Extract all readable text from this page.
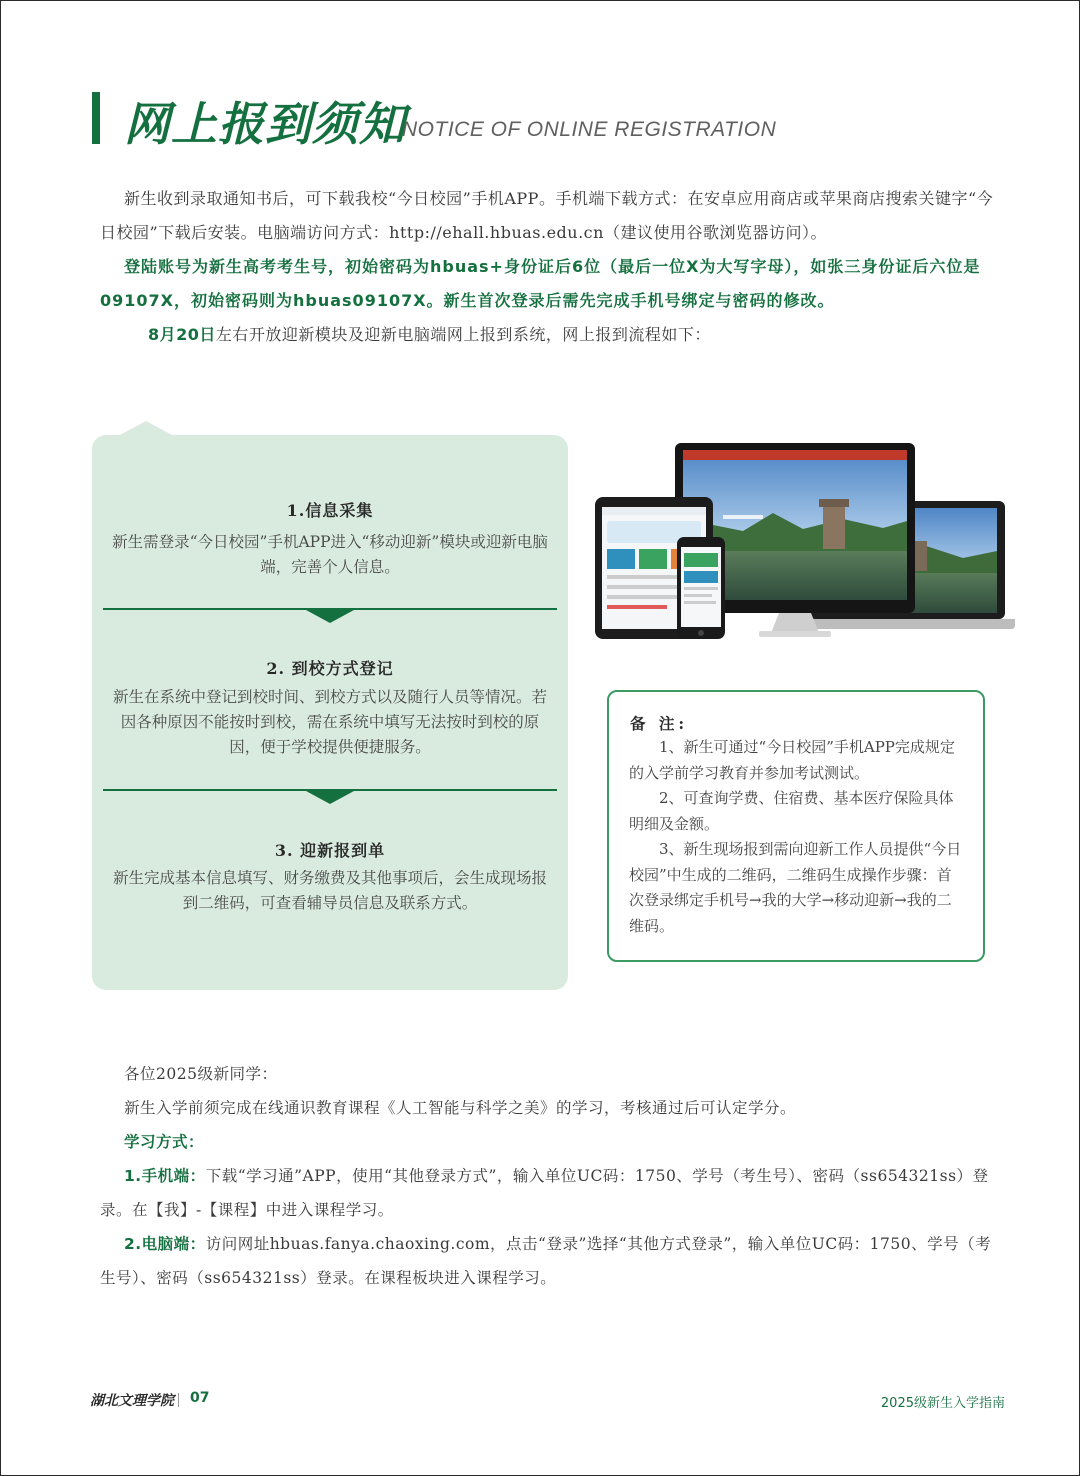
网上报到须知
NOTICE OF ONLINE REGISTRATION
新生收到录取通知书后，可下载我校“今日校园”手机APP。手机端下载方式：在安卓应用商店或苹果商店搜索关键字“今日校园”下载后安装。电脑端访问方式：http://ehall.hbuas.edu.cn（建议使用谷歌浏览器访问）。
登陆账号为新生高考考生号，初始密码为hbuas+身份证后6位（最后一位X为大写字母），如张三身份证后六位是09107X，初始密码则为hbuas09107X。新生首次登录后需先完成手机号绑定与密码的修改。
8月20日左右开放迎新模块及迎新电脑端网上报到系统，网上报到流程如下：
1.信息采集
新生需登录“今日校园”手机APP进入“移动迎新”模块或迎新电脑端，完善个人信息。
2. 到校方式登记
新生在系统中登记到校时间、到校方式以及随行人员等情况。若因各种原因不能按时到校，需在系统中填写无法按时到校的原因，便于学校提供便捷服务。
3. 迎新报到单
新生完成基本信息填写、财务缴费及其他事项后，会生成现场报到二维码，可查看辅导员信息及联系方式。
备 注:
1、新生可通过“今日校园”手机APP完成规定的入学前学习教育并参加考试测试。
2、可查询学费、住宿费、基本医疗保险具体明细及金额。
3、新生现场报到需向迎新工作人员提供“今日校园”中生成的二维码，二维码生成操作步骤：首次登录绑定手机号→我的大学→移动迎新→我的二维码。
各位2025级新同学：
新生入学前须完成在线通识教育课程《人工智能与科学之美》的学习，考核通过后可认定学分。
学习方式：
1.手机端：下载“学习通”APP，使用“其他登录方式”，输入单位UC码：1750、学号（考生号）、密码（ss654321ss）登录。在【我】-【课程】中进入课程学习。
2.电脑端：访问网址hbuas.fanya.chaoxing.com，点击“登录”选择“其他方式登录”，输入单位UC码：1750、学号（考生号）、密码（ss654321ss）登录。在课程板块进入课程学习。
湖北文理学院 07	2025级新生入学指南
